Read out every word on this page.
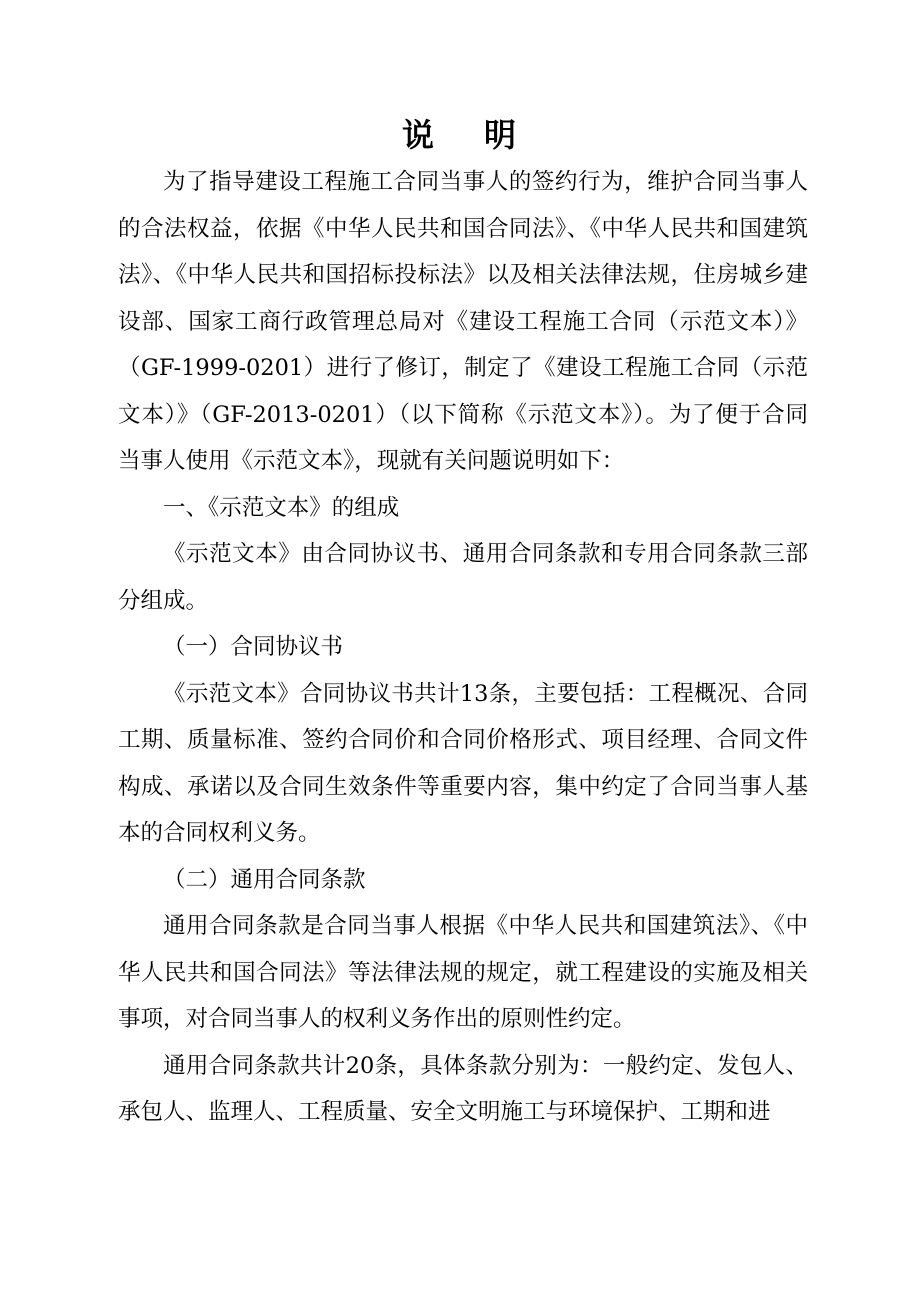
说 明

为了指导建设工程施工合同当事人的签约行为，维护合同当事人的合法权益，依据《中华人民共和国合同法》、《中华人民共和国建筑法》、《中华人民共和国招标投标法》以及相关法律法规，住房城乡建设部、国家工商行政管理总局对《建设工程施工合同（示范文本）》（GF-1999-0201）进行了修订，制定了《建设工程施工合同（示范文本）》（GF-2013-0201）（以下简称《示范文本》）。为了便于合同当事人使用《示范文本》，现就有关问题说明如下：

一、《示范文本》的组成

《示范文本》由合同协议书、通用合同条款和专用合同条款三部分组成。

（一）合同协议书

《示范文本》合同协议书共计13条，主要包括：工程概况、合同工期、质量标准、签约合同价和合同价格形式、项目经理、合同文件构成、承诺以及合同生效条件等重要内容，集中约定了合同当事人基本的合同权利义务。

（二）通用合同条款

通用合同条款是合同当事人根据《中华人民共和国建筑法》、《中华人民共和国合同法》等法律法规的规定，就工程建设的实施及相关事项，对合同当事人的权利义务作出的原则性约定。

通用合同条款共计20条，具体条款分别为：一般约定、发包人、承包人、监理人、工程质量、安全文明施工与环境保护、工期和进
